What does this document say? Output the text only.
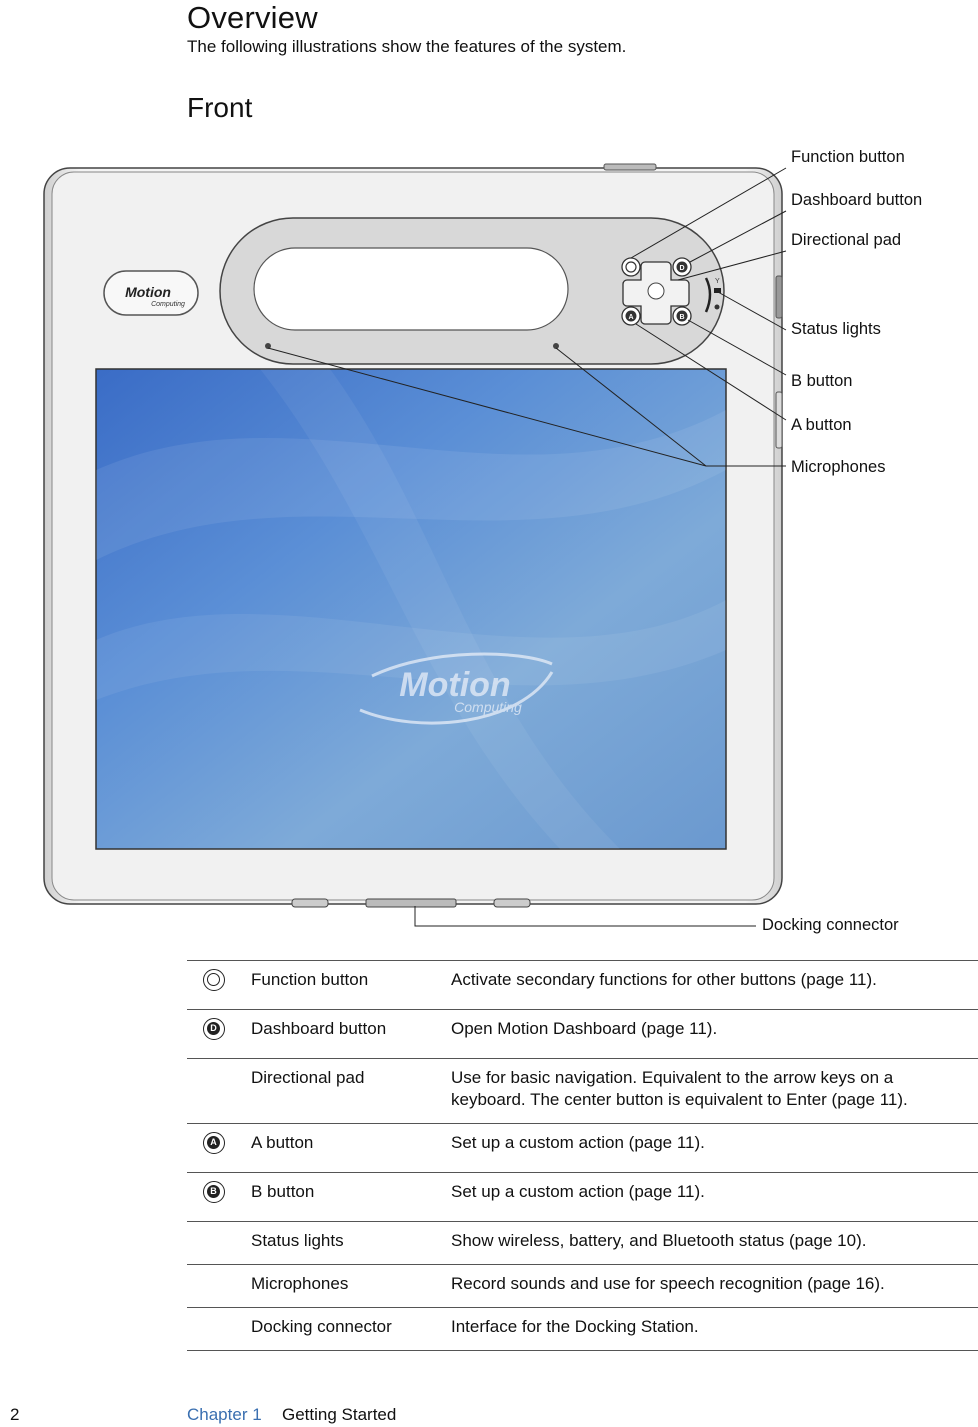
Overview
The following illustrations show the features of the system.
Front
Motion
Computing
D
A	B
Y
Motion
Computing
Function button
Dashboard button
Directional pad
Status lights
B button
A button
Microphones
Docking connector
	Function button	Activate secondary functions for other buttons (page 11).

D	Dashboard button	Open Motion Dashboard (page 11).
	Directional pad	Use for basic navigation. Equivalent to the arrow keys on a keyboard. The center button is equivalent to Enter (page 11).

A	A button	Set up a custom action (page 11).

B	B button	Set up a custom action (page 11).
	Status lights	Show wireless, battery, and Bluetooth status (page 10).
	Microphones	Record sounds and use for speech recognition (page 16).
	Docking connector	Interface for the Docking Station.
2	Chapter 1 Getting Started
